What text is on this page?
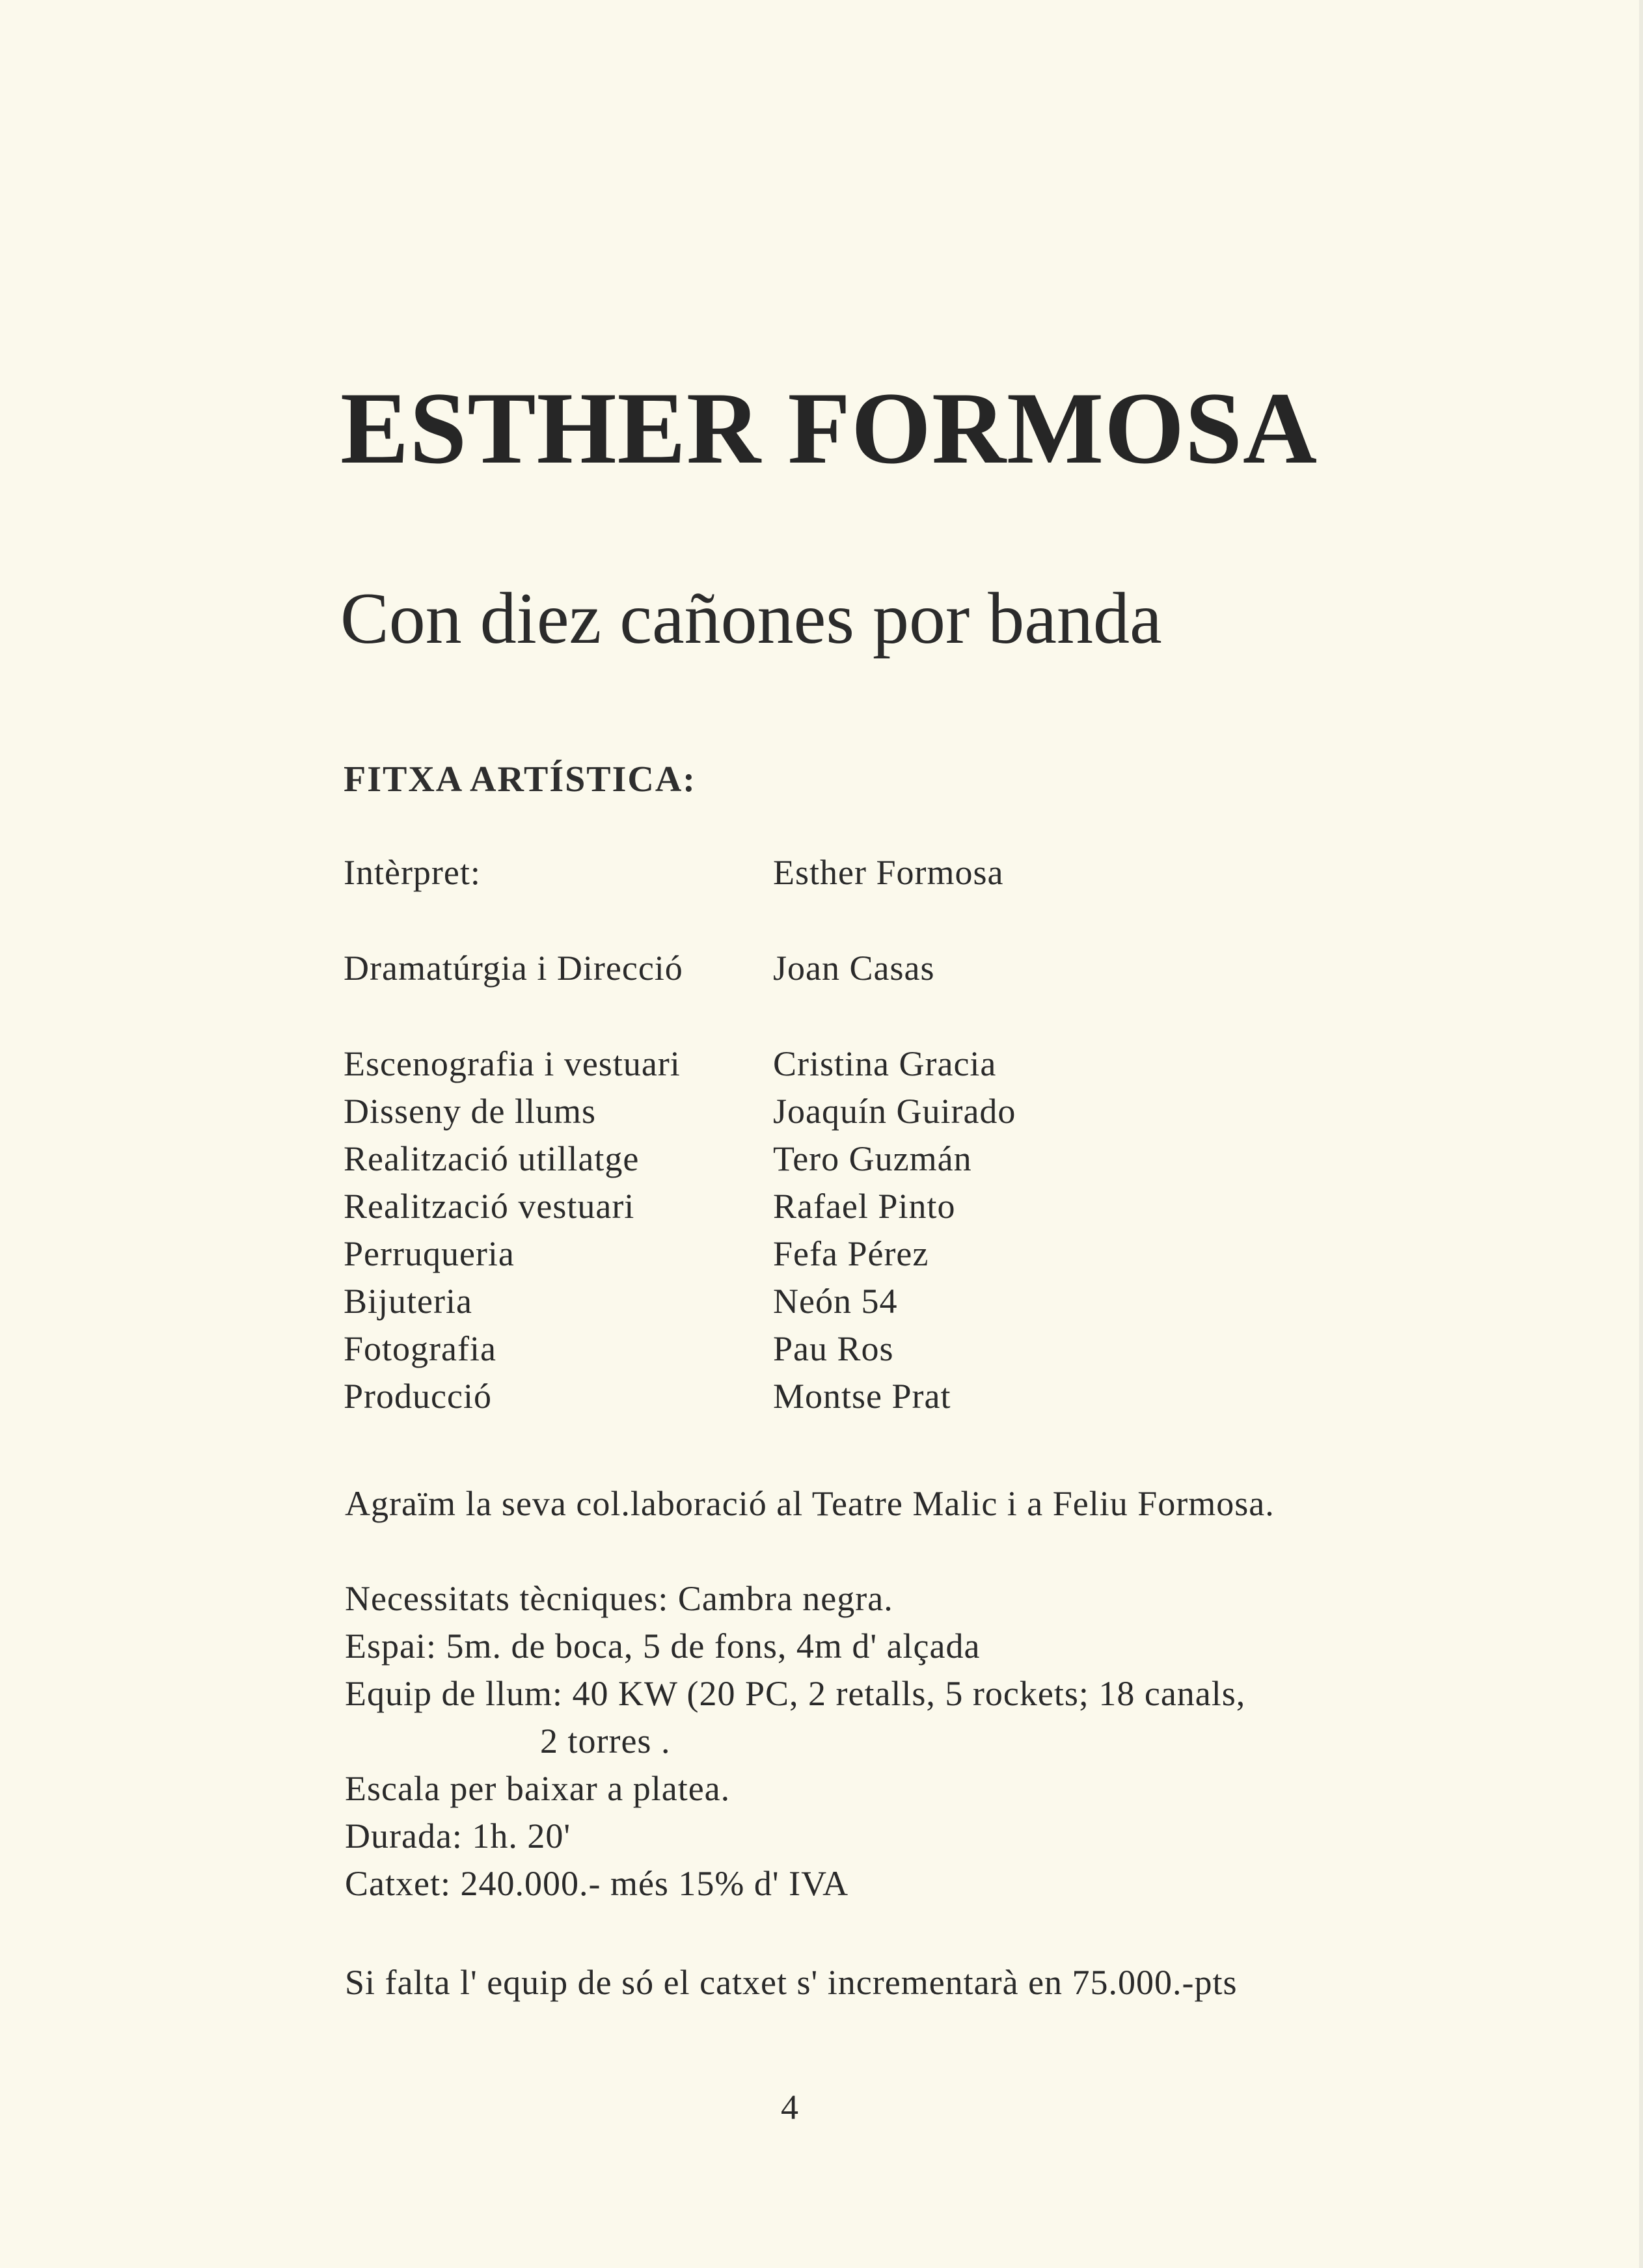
ESTHER FORMOSA
Con diez cañones por banda
FITXA ARTÍSTICA:
Intèrpret:	Esther Formosa
Dramatúrgia i Direcció	Joan Casas
Escenografia i vestuari	Cristina Gracia
Disseny de llums	Joaquín Guirado
Realització utillatge	Tero Guzmán
Realització vestuari	Rafael Pinto
Perruqueria	Fefa Pérez
Bijuteria	Neón 54
Fotografia	Pau Ros
Producció	Montse Prat

Agraïm la seva col.laboració al Teatre Malic i a Feliu Formosa.

Necessitats tècniques: Cambra negra.
Espai: 5m. de boca, 5 de fons, 4m d' alçada
Equip de llum: 40 KW (20 PC, 2 retalls, 5 rockets; 18 canals,
2 torres .
Escala per baixar a platea.
Durada: 1h. 20'
Catxet: 240.000.- més 15% d' IVA

Si falta l' equip de só el catxet s' incrementarà en 75.000.-pts

4
